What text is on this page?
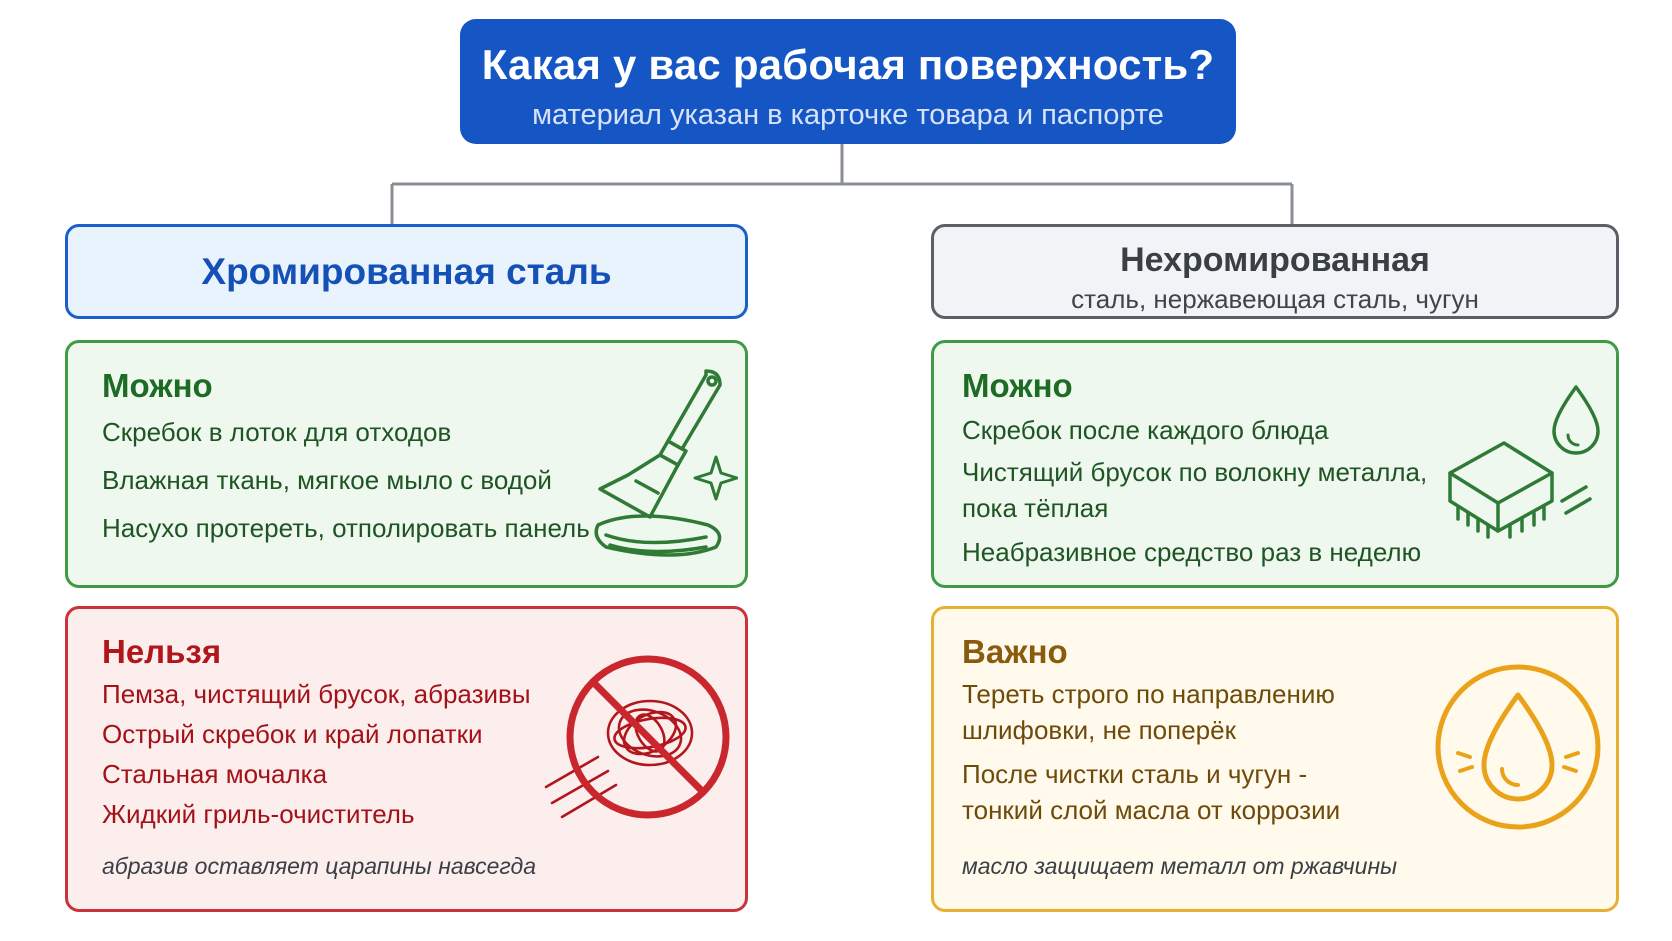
Какая у вас рабочая поверхность?
материал указан в карточке товара и паспорте
Хромированная сталь	Нехромированная
сталь, нержавеющая сталь, чугун
Можно
Скребок в лоток для отходов
Влажная ткань, мягкое мыло с водой
Насухо протереть, отполировать панель
Можно
Скребок после каждого блюда
Чистящий брусок по волокну металла,
пока тёплая
Неабразивное средство раз в неделю
Нельзя
Пемза, чистящий брусок, абразивы
Острый скребок и край лопатки
Стальная мочалка
Жидкий гриль-очиститель
абразив оставляет царапины навсегда
Важно
Тереть строго по направлению
шлифовки, не поперёк
После чистки сталь и чугун -
тонкий слой масла от коррозии
масло защищает металл от ржавчины
